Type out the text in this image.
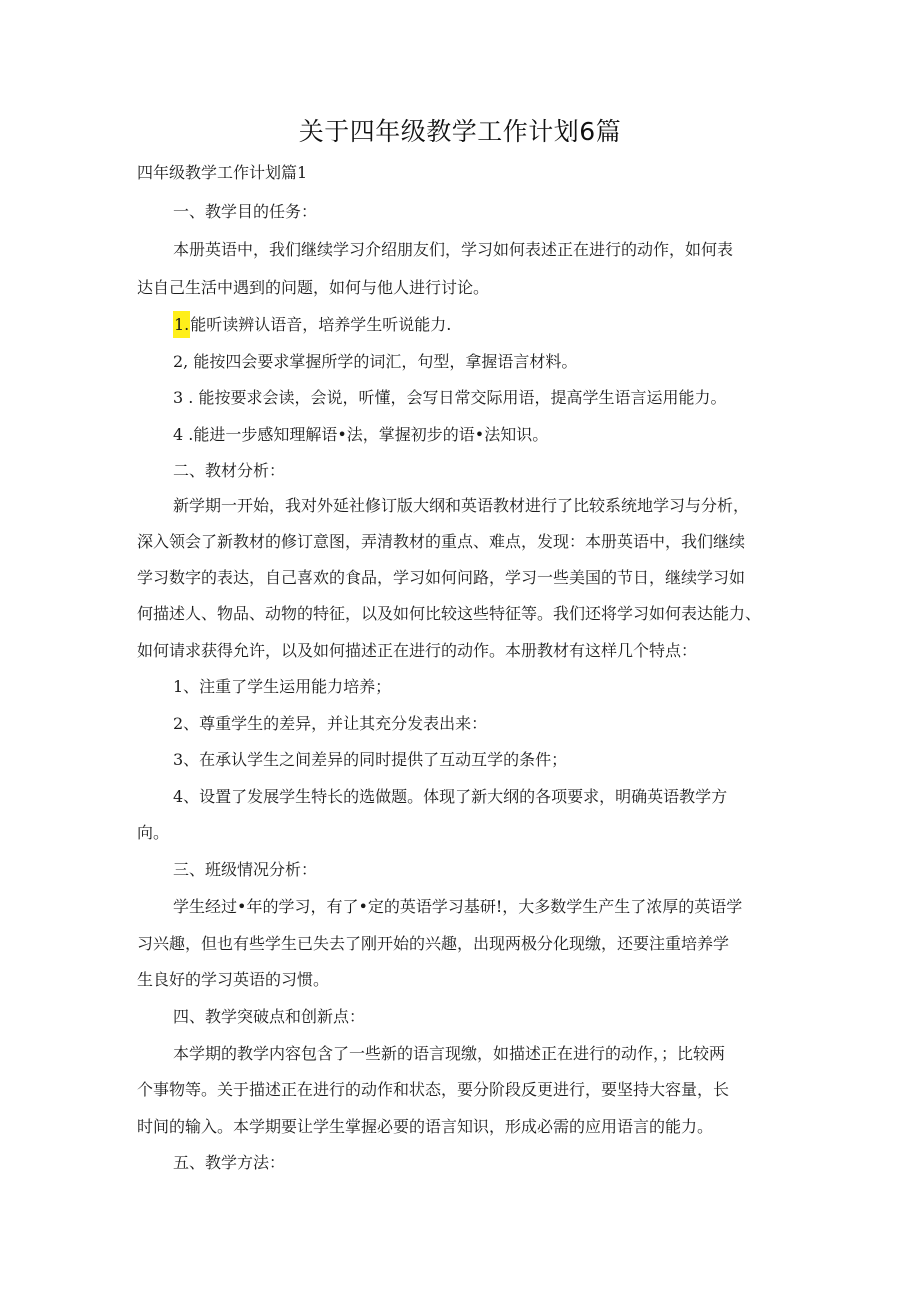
关于四年级教学工作计划6篇
四年级教学工作计划篇1
一、教学目的任务：
本册英语中，我们继续学习介绍朋友们，学习如何表述正在进行的动作，如何表
达自己生活中遇到的问题，如何与他人进行讨论。
1.能听读辨认语音，培养学生听说能力.
2, 能按四会要求掌握所学的词汇，句型，拿握语言材料。
3 . 能按要求会读，会说，听懂，会写日常交际用语，提高学生语言运用能力。
4 .能进一步感知理解语•法，掌握初步的语•法知识。
二、教材分析：
新学期一开始，我对外延社修订版大纲和英语教材进行了比较系统地学习与分析，
深入领会了新教材的修订意图，弄清教材的重点、难点，发现：本册英语中，我们继续
学习数字的表达，自己喜欢的食品，学习如何问路，学习一些美国的节日，继续学习如
何描述人、物品、动物的特征，以及如何比较这些特征等。我们还将学习如何表达能力、
如何请求获得允许，以及如何描述正在进行的动作。本册教材有这样几个特点：
1、注重了学生运用能力培养；
2、尊重学生的差异，并让其充分发表出来：
3、在承认学生之间差异的同时提供了互动互学的条件；
4、设置了发展学生特长的选做题。体现了新大纲的各项要求，明确英语教学方
向。
三、班级情况分析：
学生经过•年的学习，有了•定的英语学习基研!，大多数学生产生了浓厚的英语学
习兴趣，但也有些学生已失去了刚开始的兴趣，出现两极分化现缴，还要注重培养学
生良好的学习英语的习惯。
四、教学突破点和创新点：
本学期的教学内容包含了一些新的语言现缴，如描述正在进行的动作，；比较两
个事物等。关于描述正在进行的动作和状态，要分阶段反更进行，要坚持大容量，长
时间的输入。本学期要让学生掌握必要的语言知识，形成必需的应用语言的能力。
五、教学方法：
